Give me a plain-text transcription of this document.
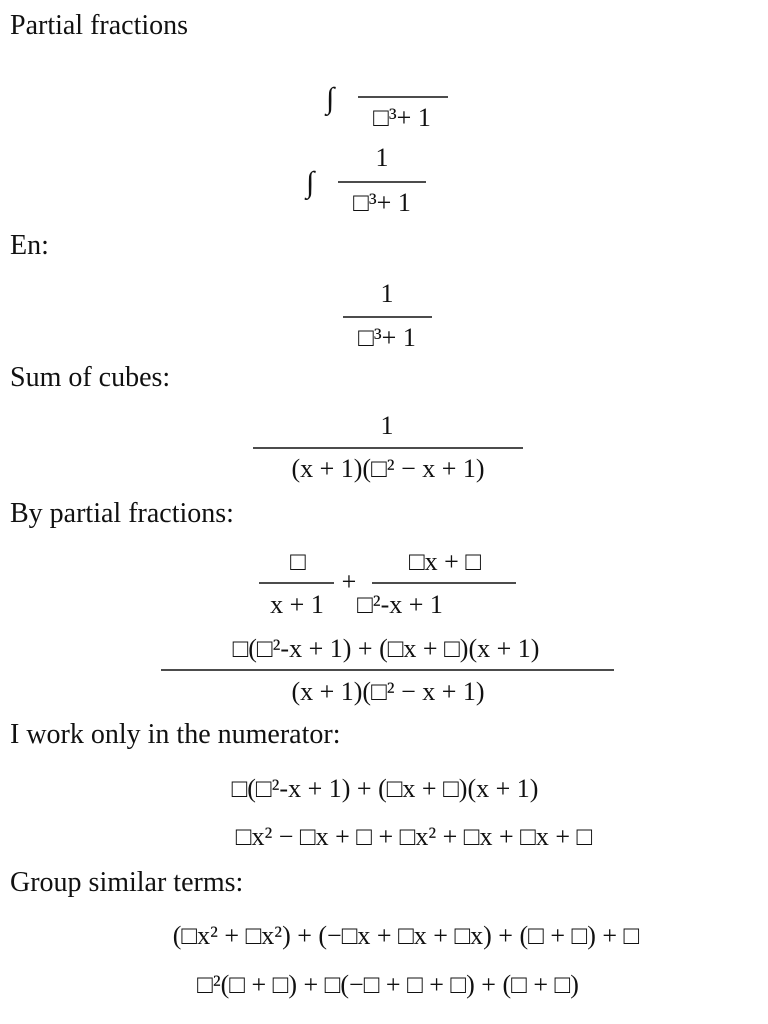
Partial fractions
En:
Sum of cubes:
By partial fractions:
I work only in the numerator:
Group similar terms:
∫
□³+ 1
∫
1
□³+ 1
1
□³+ 1
1
(x + 1)(□² − x + 1)
□
x + 1
+
□x + □
□²-x + 1
□(□²-x + 1) + (□x + □)(x + 1)
(x + 1)(□² − x + 1)
□(□²-x + 1) + (□x + □)(x + 1)
□x² − □x + □ + □x² + □x + □x + □
(□x² + □x²) + (−□x + □x + □x) + (□ + □) + □
□²(□ + □) + □(−□ + □ + □) + (□ + □)
